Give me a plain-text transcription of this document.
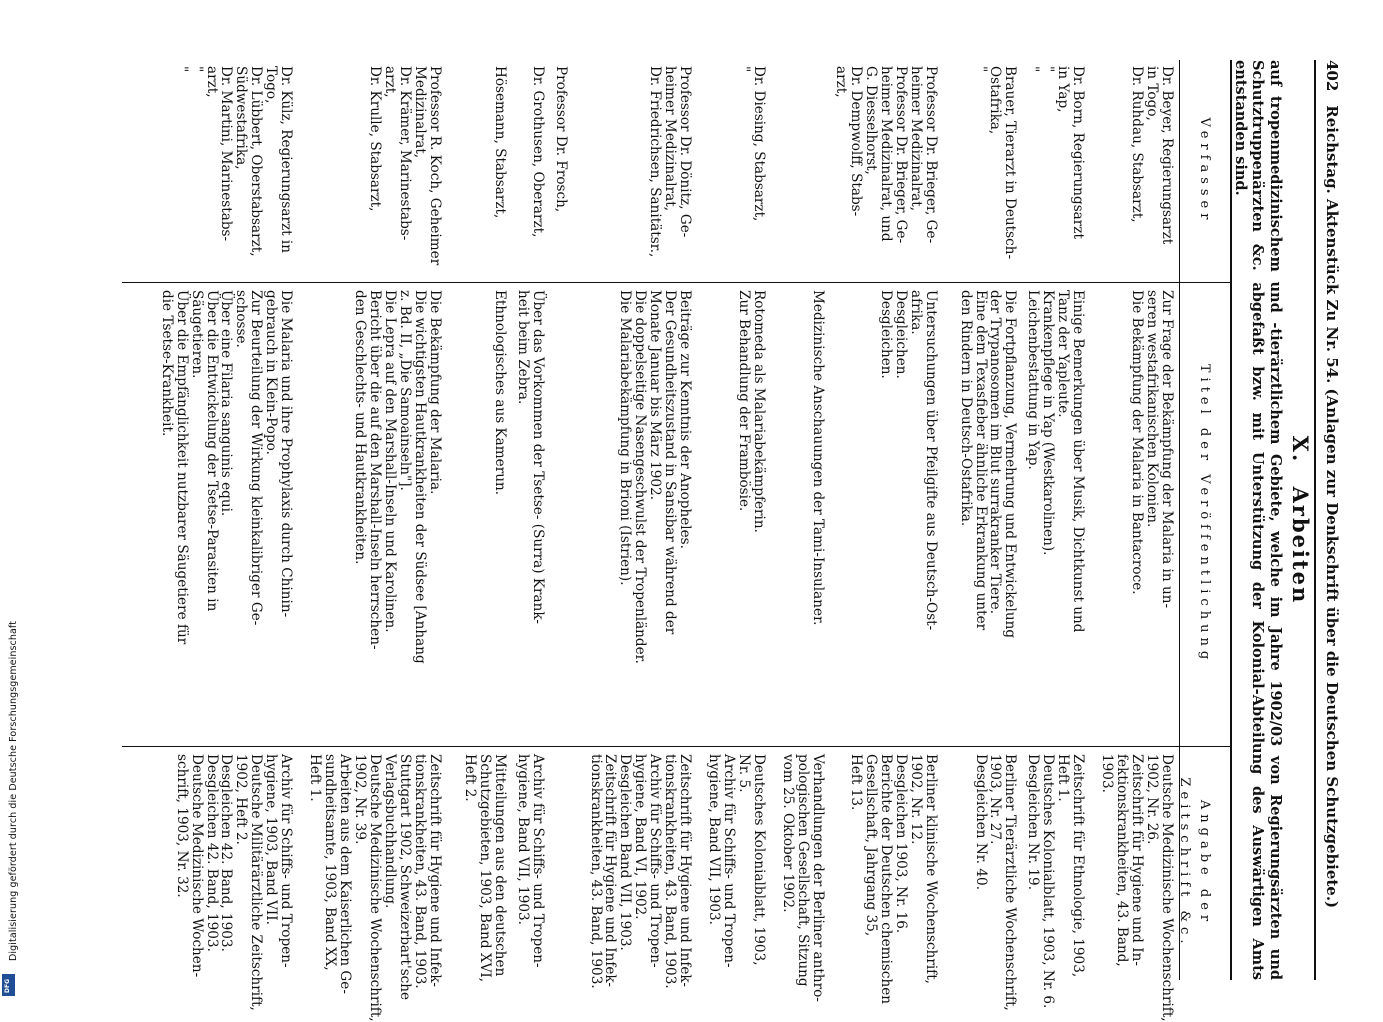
Digitalisierung gefördert durch die Deutsche Forschungsgemeinschaft
DFG
402 Reichstag. Aktenstück Zu Nr. 54. (Anlagen zur Denkschrift über die Deutschen Schutzgebiete.)
X. Arbeiten
auf tropenmedizinischem und -tierärztlichem Gebiete, welche im Jahre 1902/03 von Regierungsärzten und Schutztruppenärzten &c. abgefaßt bzw. mit Unterstützung der Kolonial-Abteilung des Auswärtigen Amts entstanden sind.
Verfasser
Titel der Veröffentlichung
Angabe der Zeitschrift &c.
Dr. Beyer, Regierungsarzt
in Togo,
Dr. Ruhdau, Stabsarzt,
Zur Frage der Bekämpfung der Malaria in un-
seren westafrikanischen Kolonien.
Die Bekämpfung der Malaria in Bantacroce.
Deutsche Medizinische Wochenschrift,
1902, Nr. 26.
Zeitschrift für Hygiene und In-
fektionskrankheiten, 43. Band,
1903.
Dr. Born, Regierungsarzt
in Yap,
"
"
Einige Bemerkungen über Musik, Dichtkunst und
Tanz der Yapleute.
Krankenpflege in Yap (Westkarolinen).
Leichenbestattung in Yap.
Zeitschrift für Ethnologie, 1903,
Heft 1.
Deutsches Kolonialblatt, 1903, Nr. 6.
Desgleichen Nr. 19.
Brauer, Tierarzt in Deutsch-
Ostafrika,
"
Die Fortpflanzung, Vermehrung und Entwickelung
der Trypanosomen im Blut surrakranker Tiere.
Eine dem Texasfieber ähnliche Erkrankung unter
den Rindern in Deutsch-Ostafrika.
Berliner Tierärztliche Wochenschrift,
1903, Nr. 27.
Desgleichen Nr. 40.
Professor Dr. Brieger, Ge-
heimer Medizinalrat,
Professor Dr. Brieger, Ge-
heimer Medizinalrat, und
G. Diesselhorst,
Dr. Dempwolff, Stabs-
arzt,
Untersuchungen über Pfeilgifte aus Deutsch-Ost-
afrika.
Desgleichen.
Desgleichen.
Berliner klinische Wochenschrift,
1902, Nr. 12.
Desgleichen 1903, Nr. 16.
Berichte der Deutschen chemischen
Gesellschaft, Jahrgang 35,
Heft 13.
Medizinische Anschauungen der Tami-Insulaner.
Verhandlungen der Berliner anthro-
pologischen Gesellschaft, Sitzung
vom 25. Oktober 1902.
Dr. Diesing, Stabsarzt,
"
Rotomeda als Malariabekämpferin.
Zur Behandlung der Frambösie.
Deutsches Kolonialblatt, 1903,
Nr. 5.
Archiv für Schiffs- und Tropen-
hygiene, Band VII, 1903.
Professor Dr. Dönitz, Ge-
heimer Medizinalrat,
Dr. Friedrichsen, Sanitätsr.,
Beiträge zur Kenntnis der Anopheles.
Der Gesundheitszustand in Sansibar während der
Monate Januar bis März 1902.
Die doppelseitige Nasengeschwulst der Tropenländer.
Die Malariabekämpfung in Brioni (Istrien).
Zeitschrift für Hygiene und Infek-
tionskrankheiten, 43. Band, 1903.
Archiv für Schiffs- und Tropen-
hygiene, Band VI, 1902.
Desgleichen Band VII, 1903.
Zeitschrift für Hygiene und Infek-
tionskrankheiten, 43. Band, 1903.
Professor Dr. Frosch,
Dr. Grothusen, Oberarzt,
Über das Vorkommen der Tsetse- (Surra) Krank-
heit beim Zebra.
Archiv für Schiffs- und Tropen-
hygiene, Band VII, 1903.
Hösemann, Stabsarzt,
Ethnologisches aus Kamerun.
Mitteilungen aus den deutschen
Schutzgebieten, 1903, Band XVI,
Heft 2.
Professor R. Koch, Geheimer
Medizinalrat,
Dr. Krämer, Marinestabs-
arzt,
Dr. Krulle, Stabsarzt,
Die Bekämpfung der Malaria.
Die wichtigsten Hautkrankheiten der Südsee [Anhang
z. Bd. II, „Die Samoainseln"].
Die Lepra auf den Marshall-Inseln und Karolinen.
Bericht über die auf den Marshall-Inseln herrschen-
den Geschlechts- und Hautkrankheiten.
Zeitschrift für Hygiene und Infek-
tionskrankheiten, 43. Band, 1903.
Stuttgart 1902, Schweizerbart'sche
Verlagsbuchhandlung.
Deutsche Medizinische Wochenschrift,
1902, Nr. 39.
Arbeiten aus dem Kaiserlichen Ge-
sundheitsamte, 1903, Band XX,
Heft 1.
Dr. Külz, Regierungsarzt in
Togo,
Dr. Lübbert, Oberstabsarzt,
Südwestafrika,
Dr. Martini, Marinestabs-
arzt,
"
"
Die Malaria und ihre Prophylaxis durch Chinin-
gebrauch in Klein-Popo.
Zur Beurteilung der Wirkung kleinkalibriger Ge-
schosse.
Über eine Filaria sanguinis equi.
Über die Entwickelung der Tsetse-Parasiten in
Säugetieren.
Über die Empfänglichkeit nutzbarer Säugetiere für
die Tsetse-Krankheit.
Archiv für Schiffs- und Tropen-
hygiene, 1903, Band VII.
Deutsche Militärärztliche Zeitschrift,
1902, Heft 2.
Desgleichen 42. Band, 1903.
Desgleichen 42. Band, 1903.
Deutsche Medizinische Wochen-
schrift, 1903, Nr. 32.
